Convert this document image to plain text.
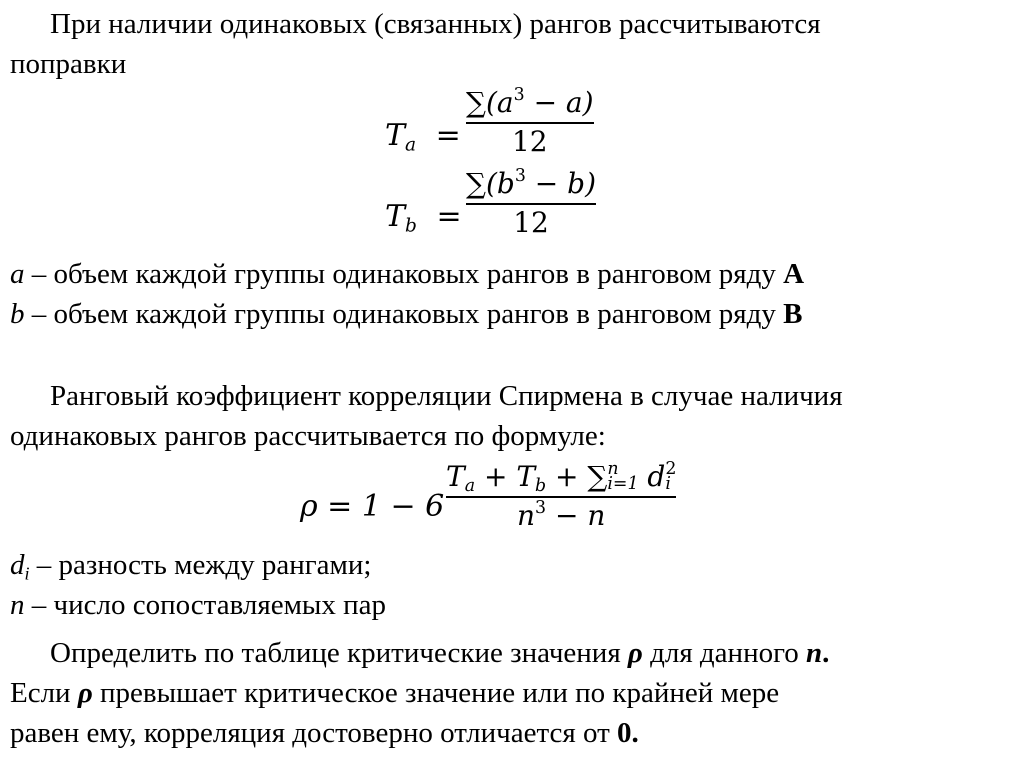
При наличии одинаковых (связанных) рангов рассчитываются
поправки
$T_a$ =
$\sum(a^3 - a)$
12
$T_b$ =
$\sum(b^3 - b)$
12
a – объем каждой группы одинаковых рангов в ранговом ряду A
b – объем каждой группы одинаковых рангов в ранговом ряду B
Ранговый коэффициент корреляции Спирмена в случае наличия
одинаковых рангов рассчитывается по формуле:
ρ = 1 − 6
$T_a + T_b$ + ∑ n
i=1 d 2
i
$n^3 - n$
$d_i$ – разность между рангами;
n – число сопоставляемых пар
Определить по таблице критические значения ρ для данного n.
Если ρ превышает критическое значение или по крайней мере
равен ему, корреляция достоверно отличается от 0.
